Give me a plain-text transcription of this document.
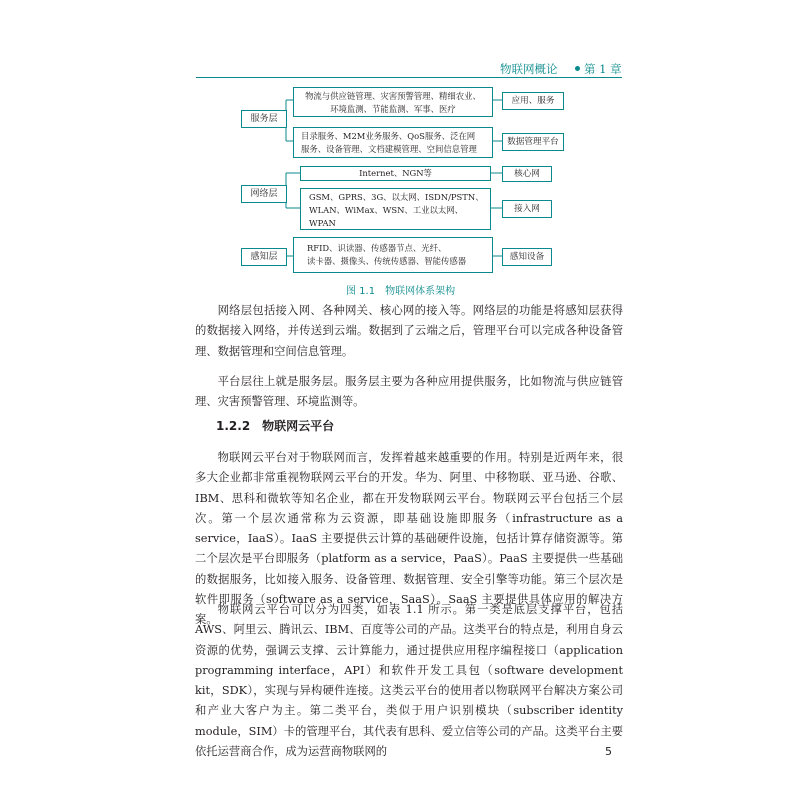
物联网概论 第 1 章
服务层
网络层
感知层
物流与供应链管理、灾害预警管理、精细农业、
环境监测、节能监测、军事、医疗
目录服务、M2M业务服务、QoS服务、泛在网
服务、设备管理、文档建模管理、空间信息管理
Internet、NGN等
GSM、GPRS、3G、以太网、ISDN/PSTN、
WLAN、WiMax、WSN、工业以太网、
WPAN
RFID、识读器、传感器节点、光纤、
读卡器、摄像头、传统传感器、智能传感器
应用、服务
数据管理平台
核心网
接入网
感知设备
图 1.1　物联网体系架构

网络层包括接入网、各种网关、核心网的接入等。网络层的功能是将感知层获得的数据接入网络，并传送到云端。数据到了云端之后，管理平台可以完成各种设备管理、数据管理和空间信息管理。

平台层往上就是服务层。服务层主要为各种应用提供服务，比如物流与供应链管理、灾害预警管理、环境监测等。

1.2.2　物联网云平台

物联网云平台对于物联网而言，发挥着越来越重要的作用。特别是近两年来，很多大企业都非常重视物联网云平台的开发。华为、阿里、中移物联、亚马逊、谷歌、IBM、思科和微软等知名企业，都在开发物联网云平台。物联网云平台包括三个层次。第一个层次通常称为云资源，即基础设施即服务（infrastructure as a service，IaaS）。IaaS 主要提供云计算的基础硬件设施，包括计算存储资源等。第二个层次是平台即服务（platform as a service，PaaS）。PaaS 主要提供一些基础的数据服务，比如接入服务、设备管理、数据管理、安全引擎等功能。第三个层次是软件即服务（software as a service，SaaS）。SaaS 主要提供具体应用的解决方案。

物联网云平台可以分为四类，如表 1.1 所示。第一类是底层支撑平台，包括 AWS、阿里云、腾讯云、IBM、百度等公司的产品。这类平台的特点是，利用自身云资源的优势，强调云支撑、云计算能力，通过提供应用程序编程接口（application programming interface，API）和软件开发工具包（software development kit，SDK），实现与异构硬件连接。这类云平台的使用者以物联网平台解决方案公司和产业大客户为主。第二类平台，类似于用户识别模块（subscriber identity module，SIM）卡的管理平台，其代表有思科、爱立信等公司的产品。这类平台主要依托运营商合作，成为运营商物联网的	5
